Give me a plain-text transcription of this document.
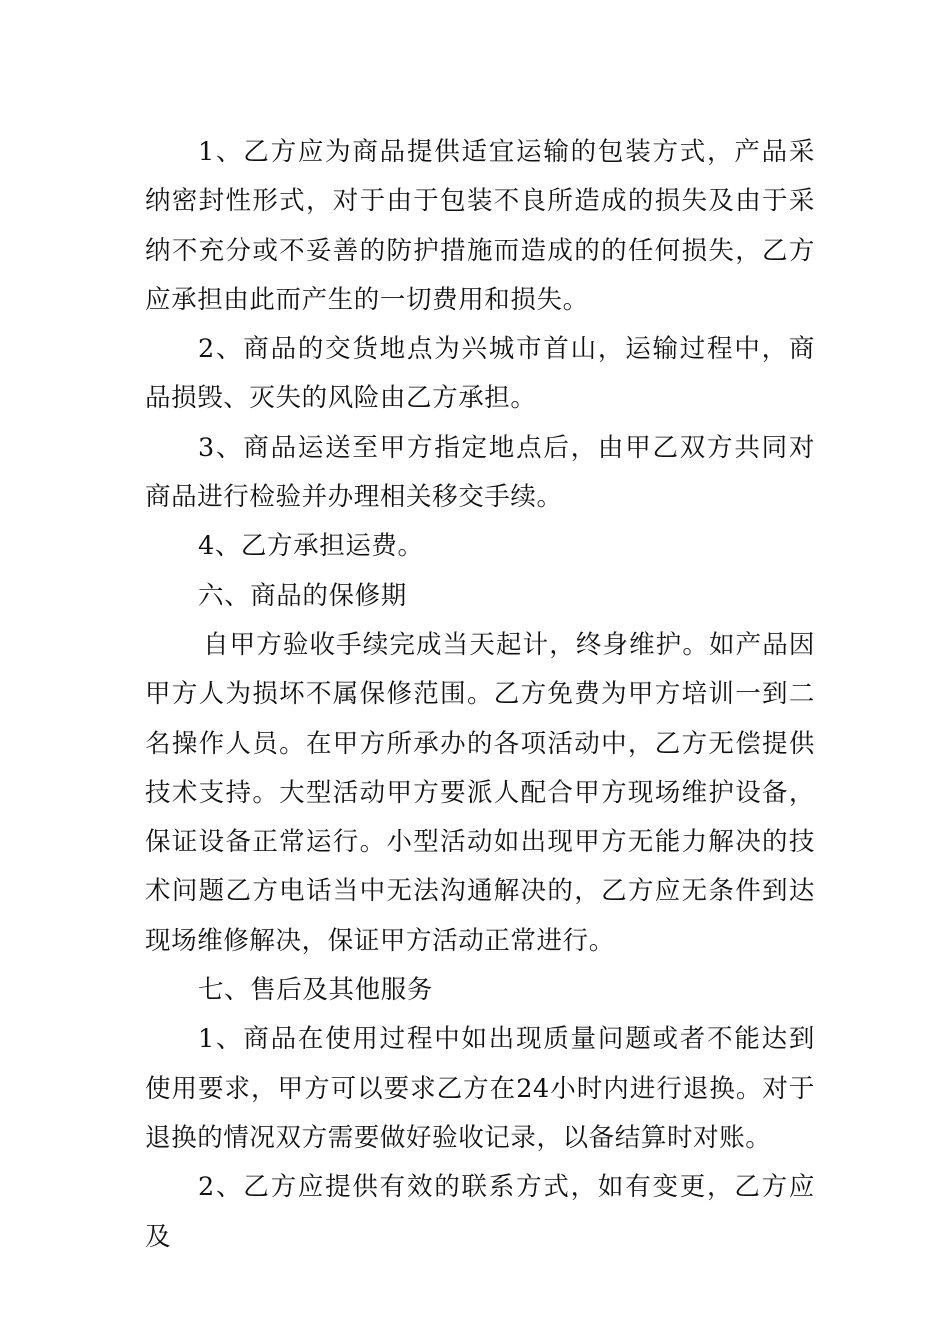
1、乙方应为商品提供适宜运输的包装方式，产品采纳密封性形式，对于由于包装不良所造成的损失及由于采纳不充分或不妥善的防护措施而造成的的任何损失，乙方应承担由此而产生的一切费用和损失。

2、商品的交货地点为兴城市首山，运输过程中，商品损毁、灭失的风险由乙方承担。

3、商品运送至甲方指定地点后，由甲乙双方共同对商品进行检验并办理相关移交手续。

4、乙方承担运费。

六、商品的保修期

自甲方验收手续完成当天起计，终身维护。如产品因甲方人为损坏不属保修范围。乙方免费为甲方培训一到二名操作人员。在甲方所承办的各项活动中，乙方无偿提供技术支持。大型活动甲方要派人配合甲方现场维护设备，保证设备正常运行。小型活动如出现甲方无能力解决的技术问题乙方电话当中无法沟通解决的，乙方应无条件到达现场维修解决，保证甲方活动正常进行。

七、售后及其他服务

1、商品在使用过程中如出现质量问题或者不能达到使用要求，甲方可以要求乙方在24小时内进行退换。对于退换的情况双方需要做好验收记录，以备结算时对账。

2、乙方应提供有效的联系方式，如有变更，乙方应及
